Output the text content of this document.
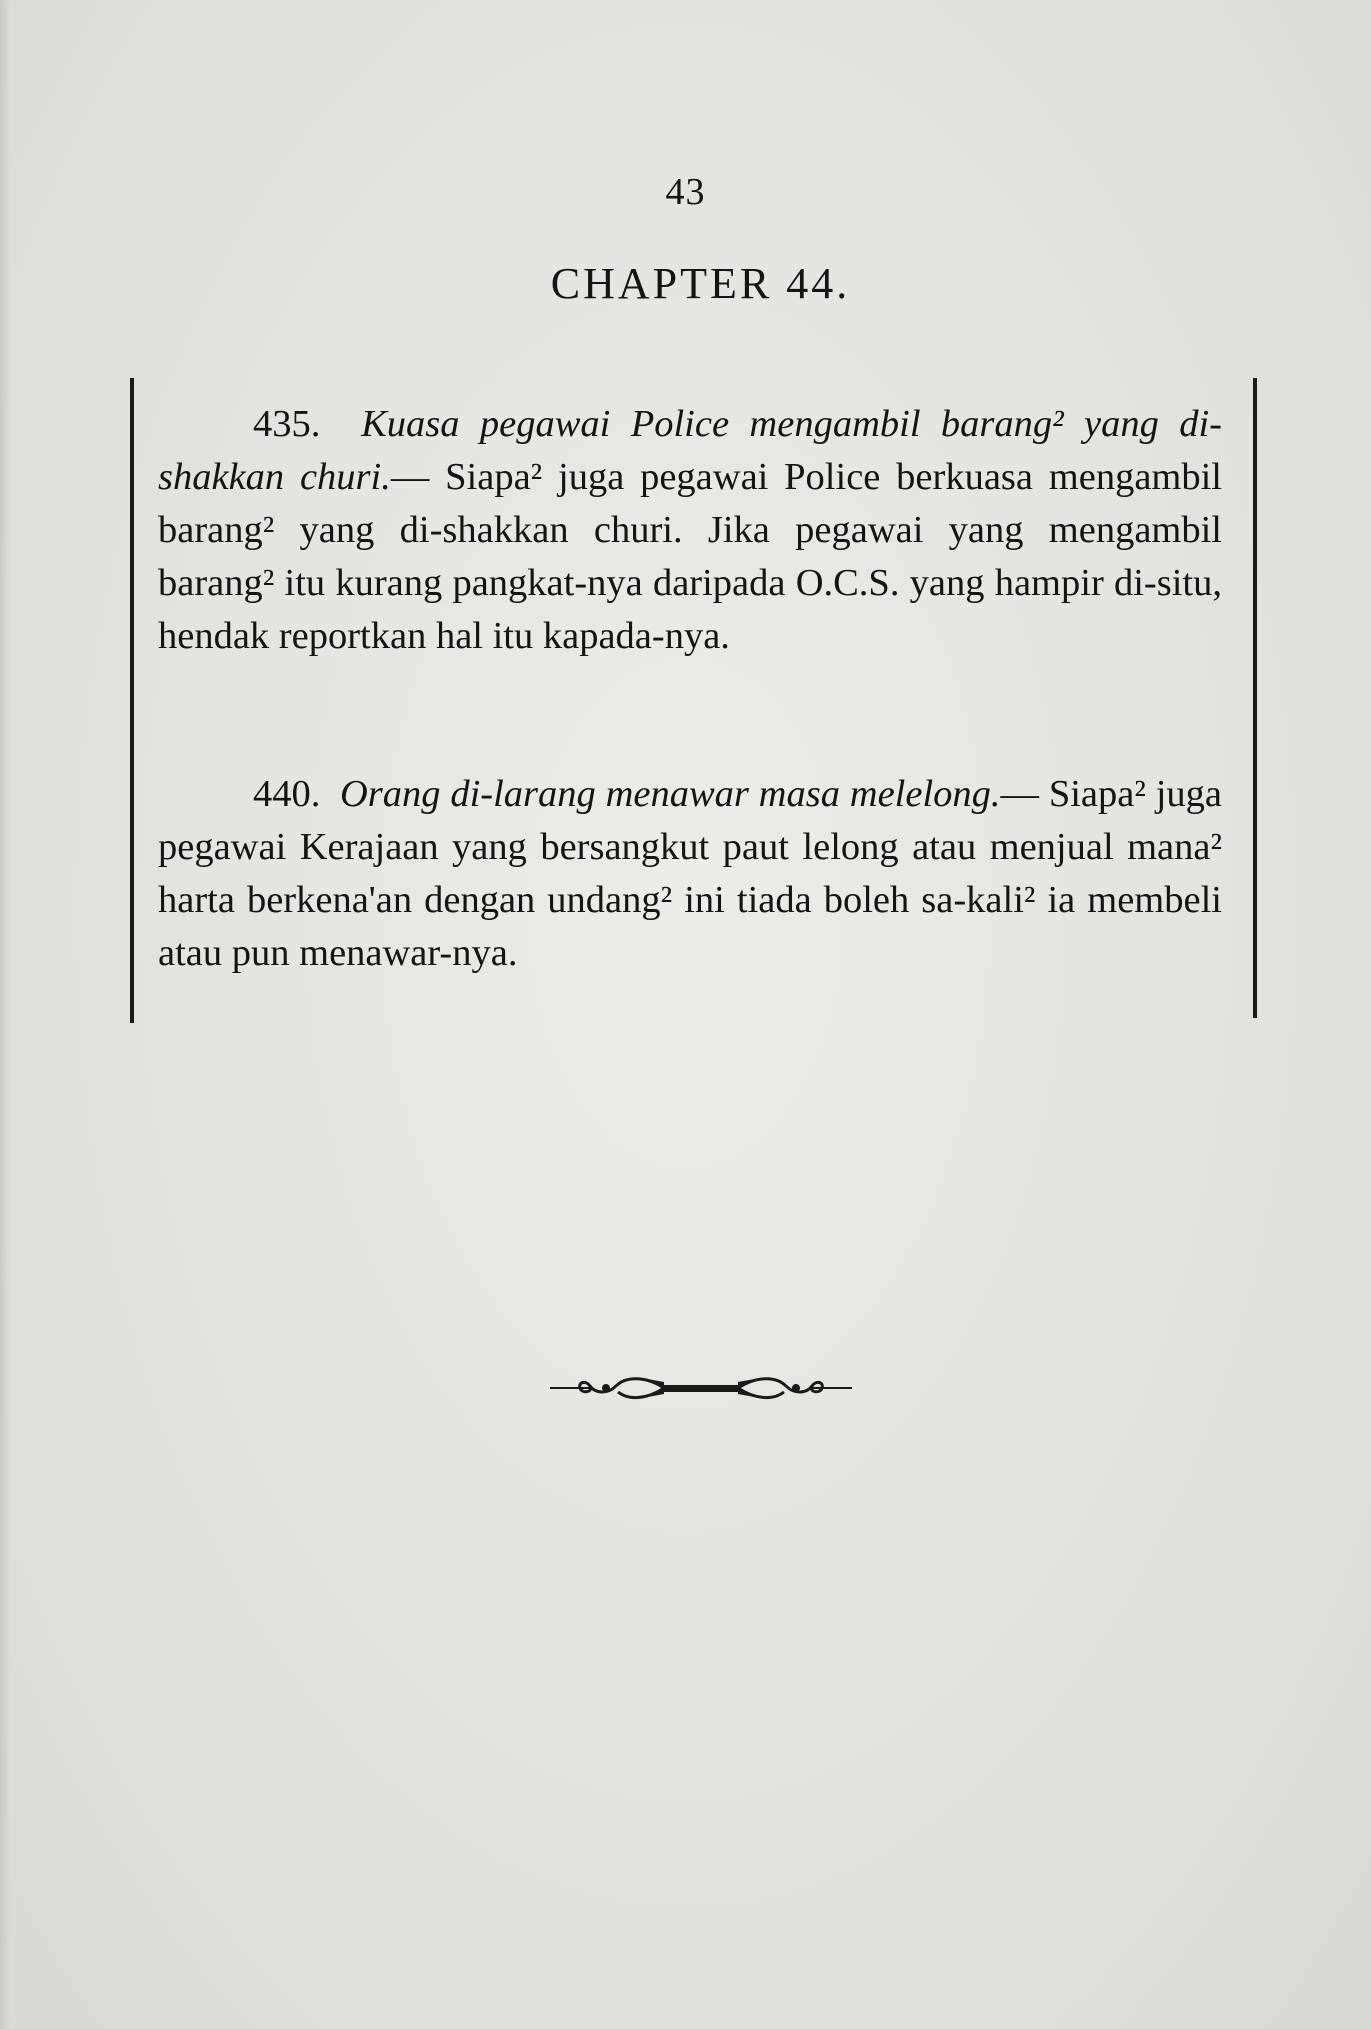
43
CHAPTER 44.
435. Kuasa pegawai Police mengambil barang² yang di-shakkan churi.— Siapa² juga pegawai Police berkuasa mengambil barang² yang di-shakkan churi. Jika pegawai yang mengambil barang² itu kurang pangkat-nya daripada O.C.S. yang hampir di-situ, hendak reportkan hal itu kapada-nya.
440. Orang di-larang menawar masa melelong.— Siapa² juga pegawai Kerajaan yang bersangkut paut lelong atau menjual mana² harta berkena'an dengan undang² ini tiada boleh sa-kali² ia membeli atau pun menawar-nya.
